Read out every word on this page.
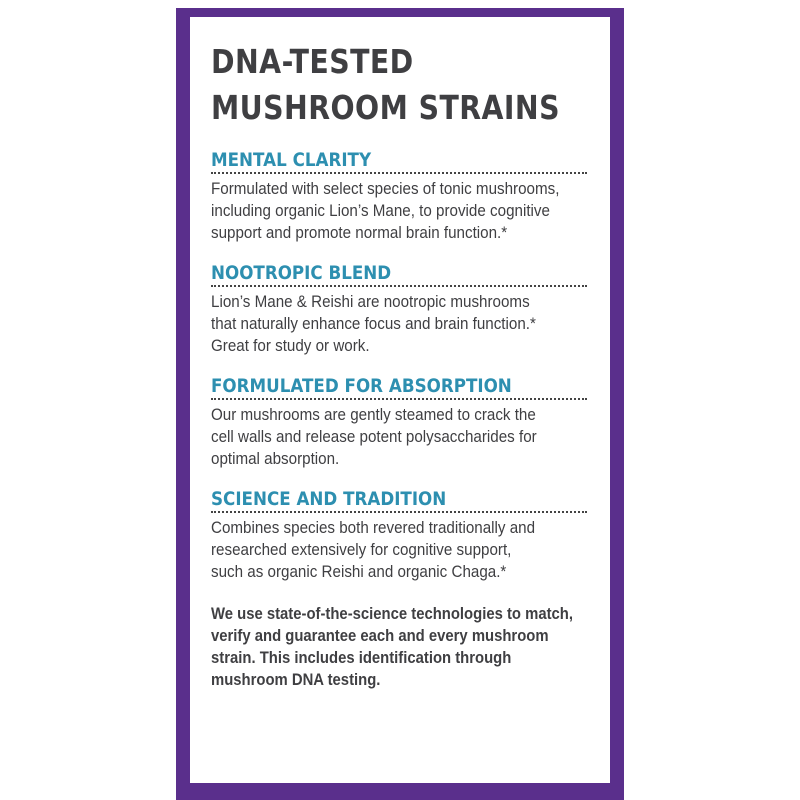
DNA-TESTED
MUSHROOM STRAINS
MENTAL CLARITY
Formulated with select species of tonic mushrooms,
including organic Lion’s Mane, to provide cognitive
support and promote normal brain function.*
NOOTROPIC BLEND
Lion’s Mane & Reishi are nootropic mushrooms
that naturally enhance focus and brain function.*
Great for study or work.
FORMULATED FOR ABSORPTION
Our mushrooms are gently steamed to crack the
cell walls and release potent polysaccharides for
optimal absorption.
SCIENCE AND TRADITION
Combines species both revered traditionally and
researched extensively for cognitive support,
such as organic Reishi and organic Chaga.*
We use state-of-the-science technologies to match,
verify and guarantee each and every mushroom
strain. This includes identification through
mushroom DNA testing.
